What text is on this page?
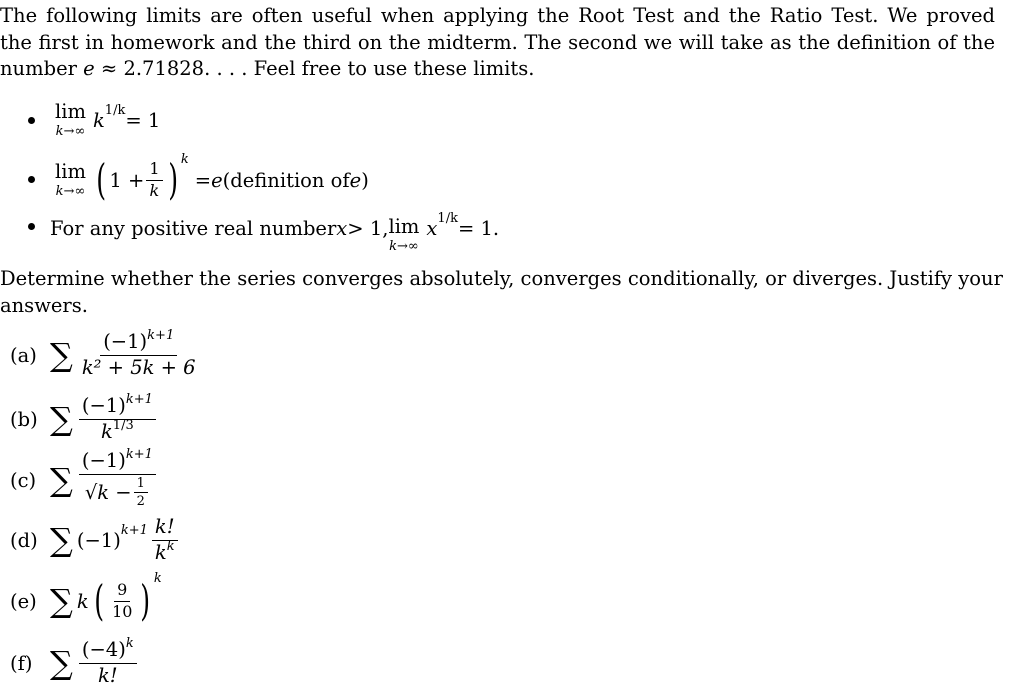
The following limits are often useful when applying the Root Test and the Ratio Test. We proved
the first in homework and the third on the midterm. The second we will take as the definition of the
number e ≈ 2.71828. . . . Feel free to use these limits.
lim
k→∞ $k^{1/k} = 1$
lim
k→∞ ( $1 + \frac{1}{k}$ ) $^k$
= e (definition of e )
For any positive real number x > 1, lim
k→∞
$x^{1/k} = 1$.
Determine whether the series converges absolutely, converges conditionally, or diverges. Justify your
answers.
(a) ∑ $\frac{(-1)^{k+1}}{\text{k² + 5k + 6}}$
(b) ∑ $\frac{(-1)^{k+1}}{k^{1/3}}$
(c) ∑ $\frac{(-1)^{k+1}}{√k - \frac{1}{2}}$
(d) ∑ (−1) $^{k+1} \frac{k!}{k^k}$
(e) ∑ k ( $\frac{9}{10}$ ) $^k$
(f) ∑ $\frac{(-4)^k}{k!}$
